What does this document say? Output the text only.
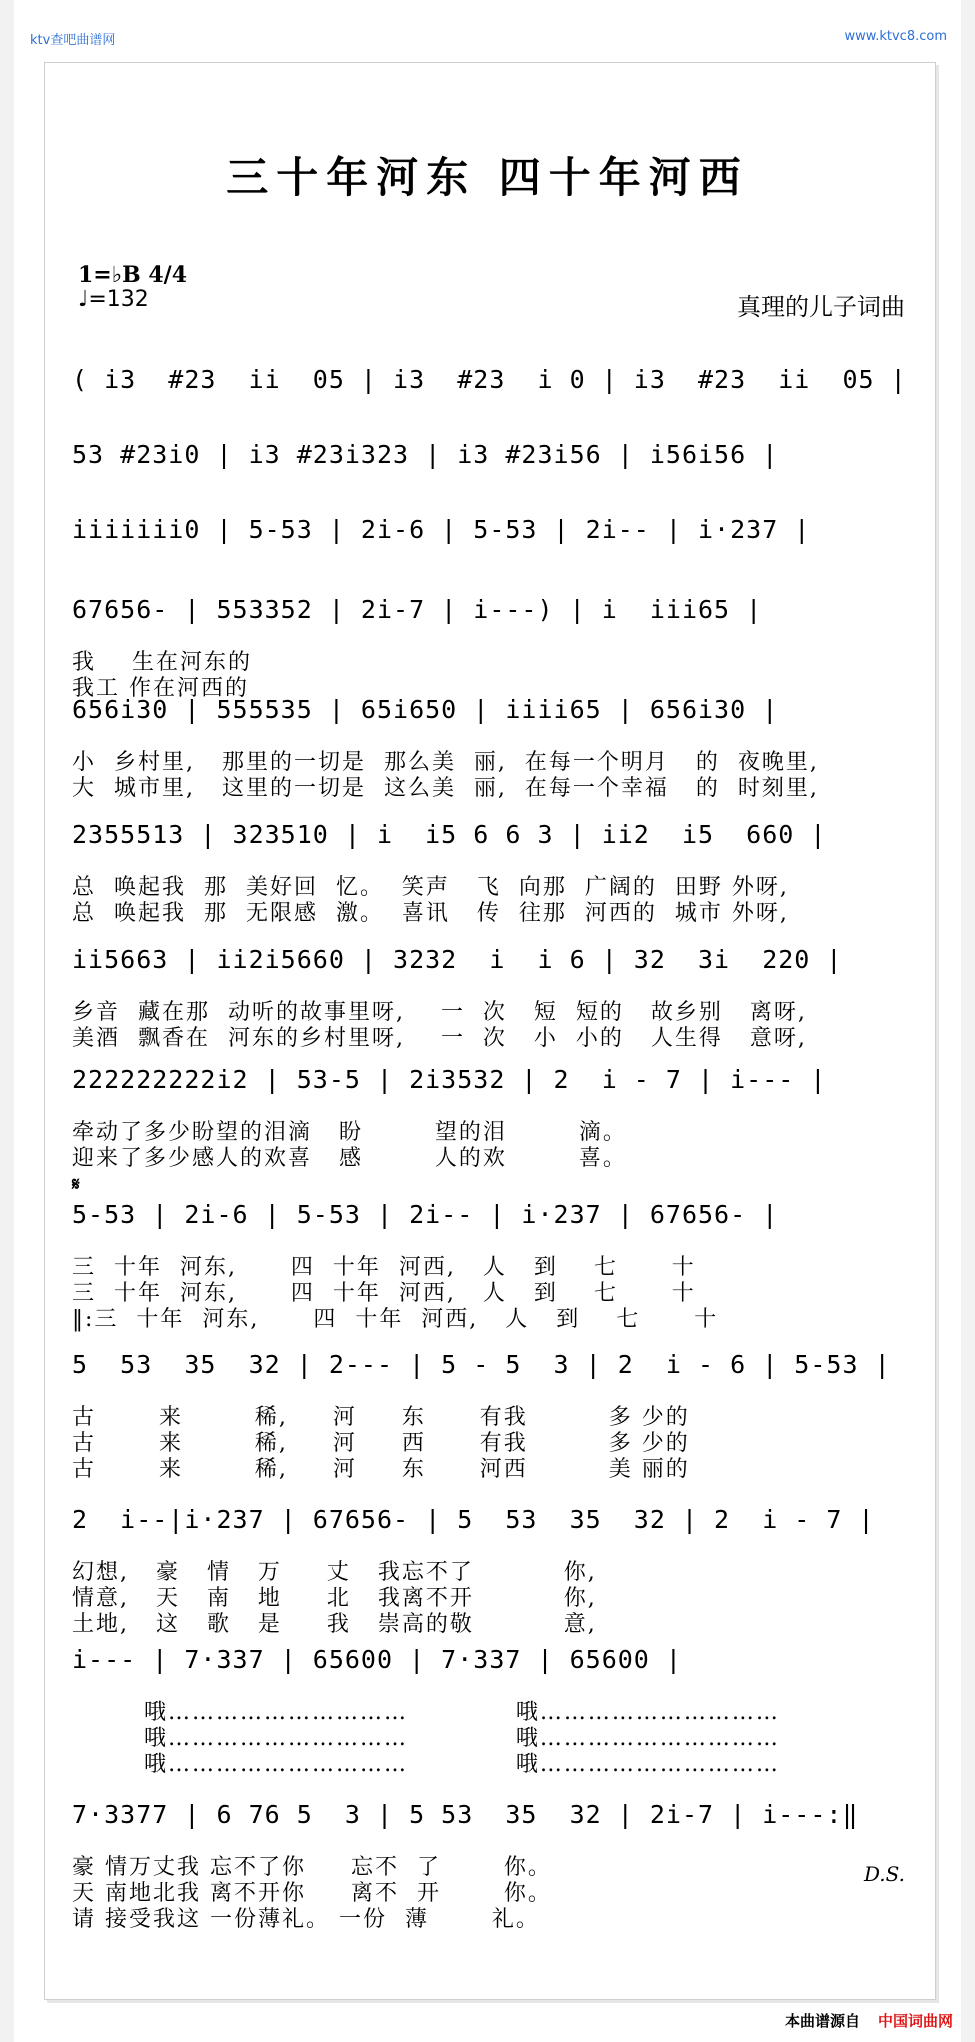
ktv查吧曲谱网	www.ktvc8.com
三十年河东 四十年河西
1=♭B 4/4
♩=132	真理的儿子词曲
( i3  #23  ii  05 | i3  #23  i 0 | i3  #23  ii  05 |
53 #23i0 | i3 #23i323 | i3 #23i56 | i56i56 |
iiiiiii0 | 5-53 | 2i-6 | 5-53 | 2i-- | i·237 |
67656- | 553352 | 2i-7 | i---) | i  iii65 |
我    生在河东的
我工 作在河西的
656i30 | 555535 | 65i650 | iiii65 | 656i30 |
小  乡村里,   那里的一切是  那么美  丽,  在每一个明月   的  夜晚里,
大  城市里,   这里的一切是  这么美  丽,  在每一个幸福   的  时刻里,
2355513 | 323510 | i  i5 6 6 3 | ii2  i5  660 |
总  唤起我  那  美好回  忆。  笑声   飞  向那  广阔的  田野 外呀,
总  唤起我  那  无限感  激。  喜讯   传  往那  河西的  城市 外呀,
ii5663 | ii2i5660 | 3232  i  i 6 | 32  3i  220 |
乡音  藏在那  动听的故事里呀,    一  次   短  短的   故乡别   离呀,
美酒  飘香在  河东的乡村里呀,    一  次   小  小的   人生得   意呀,
222222222i2 | 53-5 | 2i3532 | 2  i - 7 | i--- |
牵动了多少盼望的泪滴   盼        望的泪        滴。
迎来了多少感人的欢喜   感        人的欢        喜。
5-53 | 2i-6 | 5-53 | 2i-- | i·237 | 67656- |
𝄋
三  十年  河东,      四  十年  河西,   人   到    七      十
三  十年  河东,      四  十年  河西,   人   到    七      十
‖:三  十年  河东,      四  十年  河西,   人   到    七      十
5  53  35  32 | 2--- | 5 - 5  3 | 2  i - 6 | 5-53 |
古       来        稀,     河     东      有我         多 少的
古       来        稀,     河     西      有我         多 少的
古       来        稀,     河     东      河西         美 丽的
2  i--|i·237 | 67656- | 5  53  35  32 | 2  i - 7 |
幻想,   豪   情   万     丈   我忘不了          你,
情意,   天   南   地     北   我离不开          你,
土地,   这   歌   是     我   崇高的敬          意,
i--- | 7·337 | 65600 | 7·337 | 65600 |
哦…………………………            哦…………………………
哦…………………………            哦…………………………
哦…………………………            哦…………………………
7·3377 | 6 76 5  3 | 5 53  35  32 | 2i-7 | i---:‖
豪 情万丈我 忘不了你     忘不  了       你。
天 南地北我 离不开你     离不  开       你。
请 接受我这 一份薄礼。 一份  薄       礼。
D.S.
本曲谱源自 中国词曲网
